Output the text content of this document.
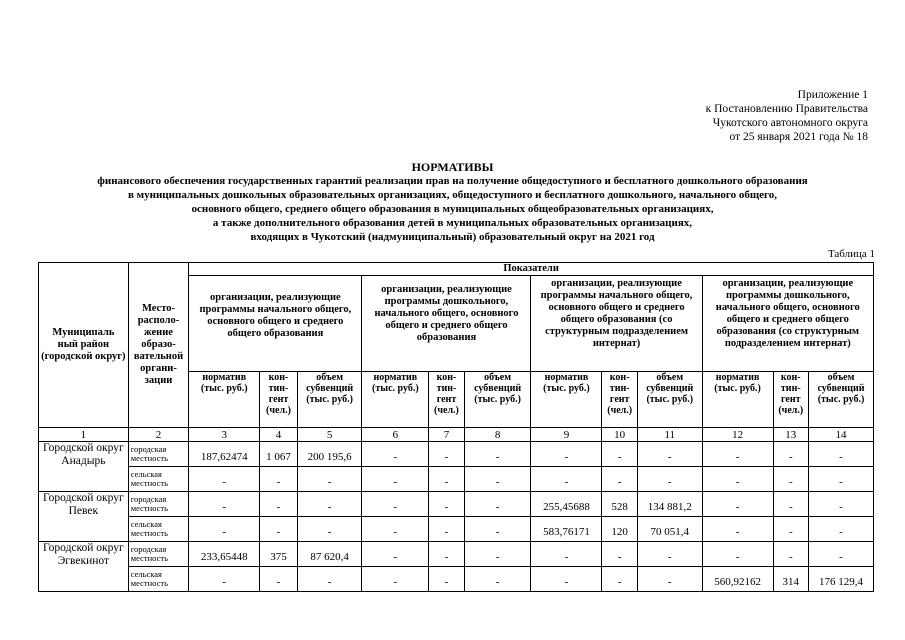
Приложение 1
к Постановлению Правительства
Чукотского автономного округа
от 25 января 2021 года № 18
НОРМАТИВЫ
финансового обеспечения государственных гарантий реализации прав на получение общедоступного и бесплатного дошкольного образования
в муниципальных дошкольных образовательных организациях, общедоступного и бесплатного дошкольного, начального общего,
основного общего, среднего общего образования в муниципальных общеобразовательных организациях,
а также дополнительного образования детей в муниципальных образовательных организациях,
входящих в Чукотский (надмуниципальный) образовательный округ на 2021 год
Таблица 1
Муниципаль ный район (городской округ)	Место-располо-жение образо-вательной органи-зации	Показатели											
		организации, реализующие программы начального общего, основного общего и среднего общего образования			организации, реализующие программы дошкольного, начального общего, основного общего и среднего общего образования			организации, реализующие программы начального общего, основного общего и среднего общего образования (со структурным подразделением интернат)			организации, реализующие программы дошкольного, начального общего, основного общего и среднего общего образования (со структурным подразделением интернат)		
		норматив (тыс. руб.)	кон-тин-гент (чел.)	объем субвенций (тыс. руб.)	норматив (тыс. руб.)	кон-тин-гент (чел.)	объем субвенций (тыс. руб.)	норматив (тыс. руб.)	кон-тин-гент (чел.)	объем субвенций (тыс. руб.)	норматив (тыс. руб.)	кон-тин-гент (чел.)	объем субвенций (тыс. руб.)
1	2	3	4	5	6	7	8	9	10	11	12	13	14
Городской округ Анадырь	городская местность	187,62474	1 067	200 195,6	-	-	-	-	-	-	-	-	-
	сельская местность	-	-	-	-	-	-	-	-	-	-	-	-
Городской округ Певек	городская местность	-	-	-	-	-	-	255,45688	528	134 881,2	-	-	-
	сельская местность	-	-	-	-	-	-	583,76171	120	70 051,4	-	-	-
Городской округ Эгвекинот	городская местность	233,65448	375	87 620,4	-	-	-	-	-	-	-	-	-
	сельская местность	-	-	-	-	-	-	-	-	-	560,92162	314	176 129,4
